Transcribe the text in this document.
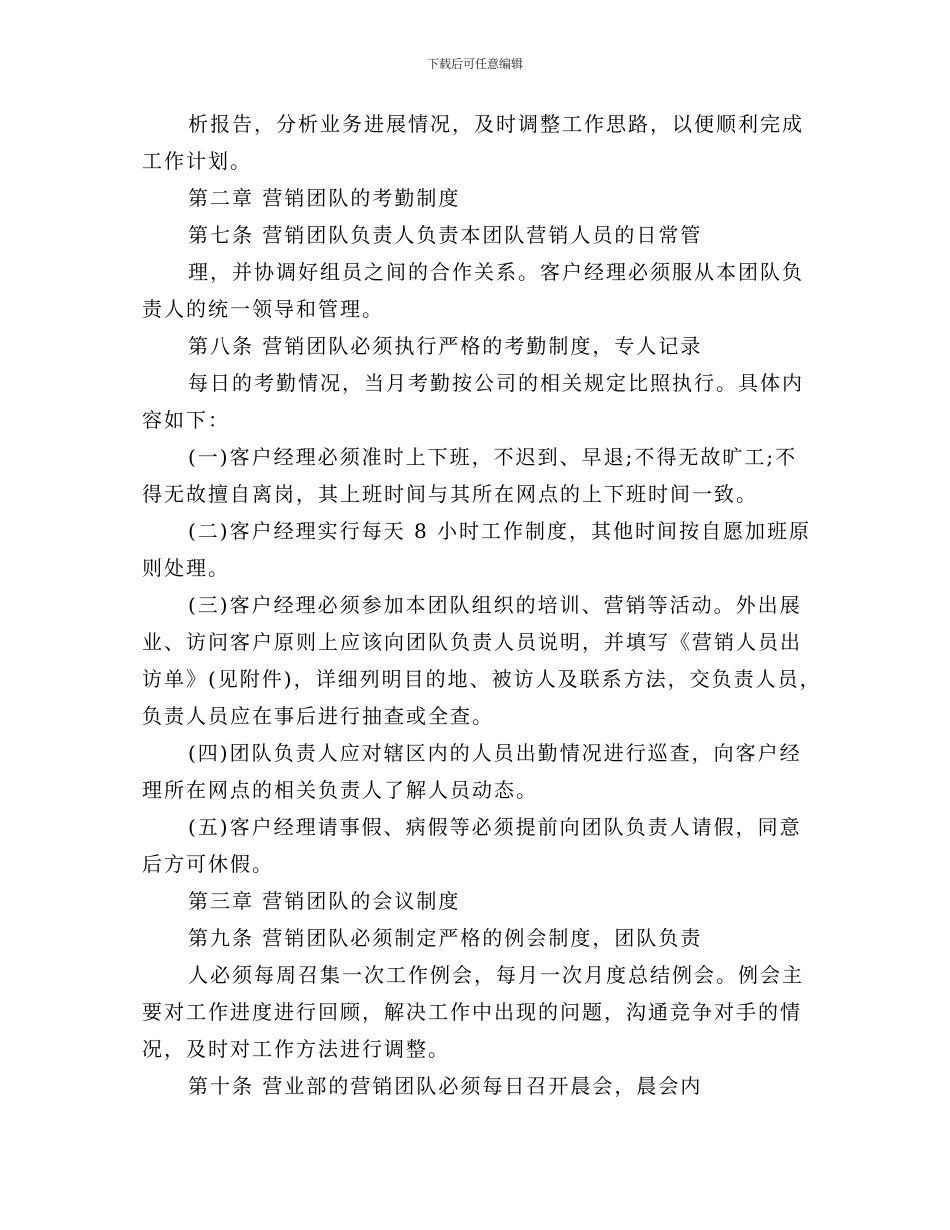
下载后可任意编辑
析报告，分析业务进展情况，及时调整工作思路，以便顺利完成
工作计划。
第二章 营销团队的考勤制度
第七条 营销团队负责人负责本团队营销人员的日常管
理，并协调好组员之间的合作关系。客户经理必须服从本团队负
责人的统一领导和管理。
第八条 营销团队必须执行严格的考勤制度，专人记录
每日的考勤情况，当月考勤按公司的相关规定比照执行。具体内
容如下：
(一)客户经理必须准时上下班，不迟到、早退;不得无故旷工;不
得无故擅自离岗，其上班时间与其所在网点的上下班时间一致。
(二)客户经理实行每天 8 小时工作制度，其他时间按自愿加班原
则处理。
(三)客户经理必须参加本团队组织的培训、营销等活动。外出展
业、访问客户原则上应该向团队负责人员说明，并填写《营销人员出
访单》(见附件)，详细列明目的地、被访人及联系方法，交负责人员，
负责人员应在事后进行抽查或全查。
(四)团队负责人应对辖区内的人员出勤情况进行巡查，向客户经
理所在网点的相关负责人了解人员动态。
(五)客户经理请事假、病假等必须提前向团队负责人请假，同意
后方可休假。
第三章 营销团队的会议制度
第九条 营销团队必须制定严格的例会制度，团队负责
人必须每周召集一次工作例会，每月一次月度总结例会。例会主
要对工作进度进行回顾，解决工作中出现的问题，沟通竞争对手的情
况，及时对工作方法进行调整。
第十条 营业部的营销团队必须每日召开晨会，晨会内
